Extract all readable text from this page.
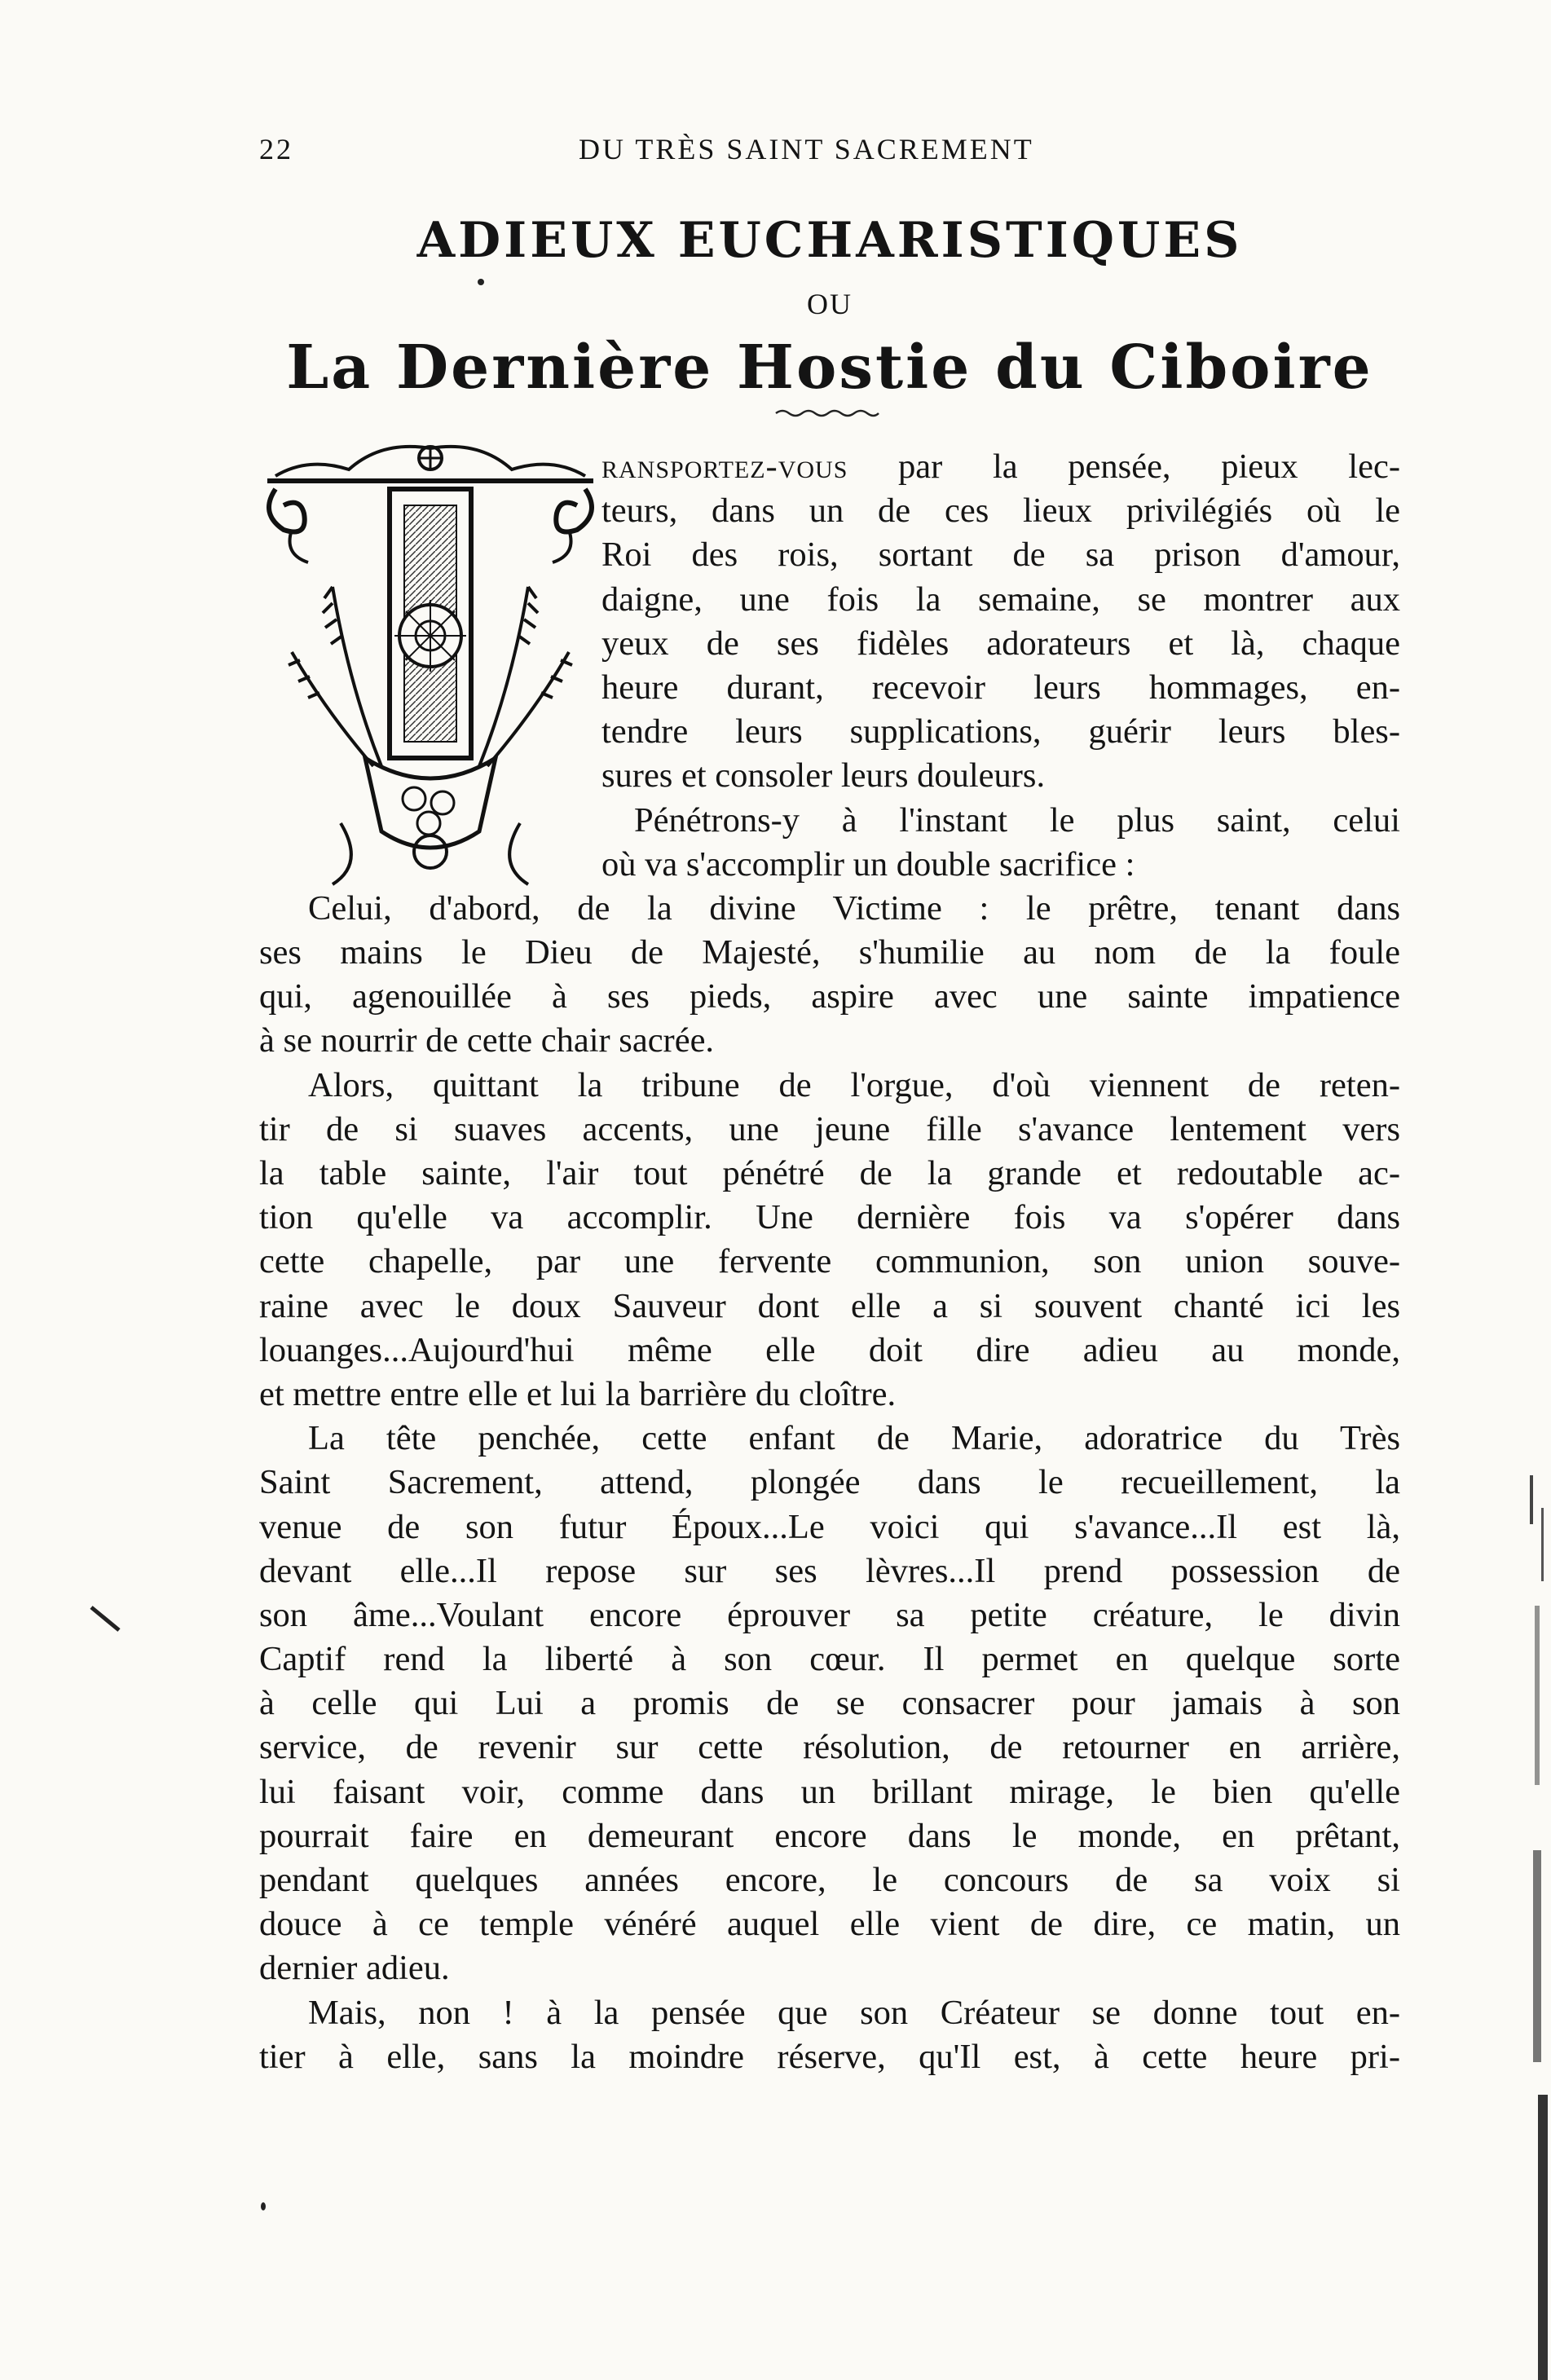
22	DU TRÈS SAINT SACREMENT
ADIEUX EUCHARISTIQUES
OU
La Dernière Hostie du Ciboire
ransportez-vous par la pensée, pieux lec-
teurs, dans un de ces lieux privilégiés où le
Roi des rois, sortant de sa prison d'amour,
daigne, une fois la semaine, se montrer aux
yeux de ses fidèles adorateurs et là, chaque
heure durant, recevoir leurs hommages, en-
tendre leurs supplications, guérir leurs bles-
sures et consoler leurs douleurs.
Pénétrons-y à l'instant le plus saint, celui
où va s'accomplir un double sacrifice :
Celui, d'abord, de la divine Victime : le prêtre, tenant dans
ses mains le Dieu de Majesté, s'humilie au nom de la foule
qui, agenouillée à ses pieds, aspire avec une sainte impatience
à se nourrir de cette chair sacrée.
Alors, quittant la tribune de l'orgue, d'où viennent de reten-
tir de si suaves accents, une jeune fille s'avance lentement vers
la table sainte, l'air tout pénétré de la grande et redoutable ac-
tion qu'elle va accomplir. Une dernière fois va s'opérer dans
cette chapelle, par une fervente communion, son union souve-
raine avec le doux Sauveur dont elle a si souvent chanté ici les
louanges...Aujourd'hui même elle doit dire adieu au monde,
et mettre entre elle et lui la barrière du cloître.
La tête penchée, cette enfant de Marie, adoratrice du Très
Saint Sacrement, attend, plongée dans le recueillement, la
venue de son futur Époux...Le voici qui s'avance...Il est là,
devant elle...Il repose sur ses lèvres...Il prend possession de
son âme...Voulant encore éprouver sa petite créature, le divin
Captif rend la liberté à son cœur. Il permet en quelque sorte
à celle qui Lui a promis de se consacrer pour jamais à son
service, de revenir sur cette résolution, de retourner en arrière,
lui faisant voir, comme dans un brillant mirage, le bien qu'elle
pourrait faire en demeurant encore dans le monde, en prêtant,
pendant quelques années encore, le concours de sa voix si
douce à ce temple vénéré auquel elle vient de dire, ce matin, un
dernier adieu.
Mais, non ! à la pensée que son Créateur se donne tout en-
tier à elle, sans la moindre réserve, qu'Il est, à cette heure pri-
